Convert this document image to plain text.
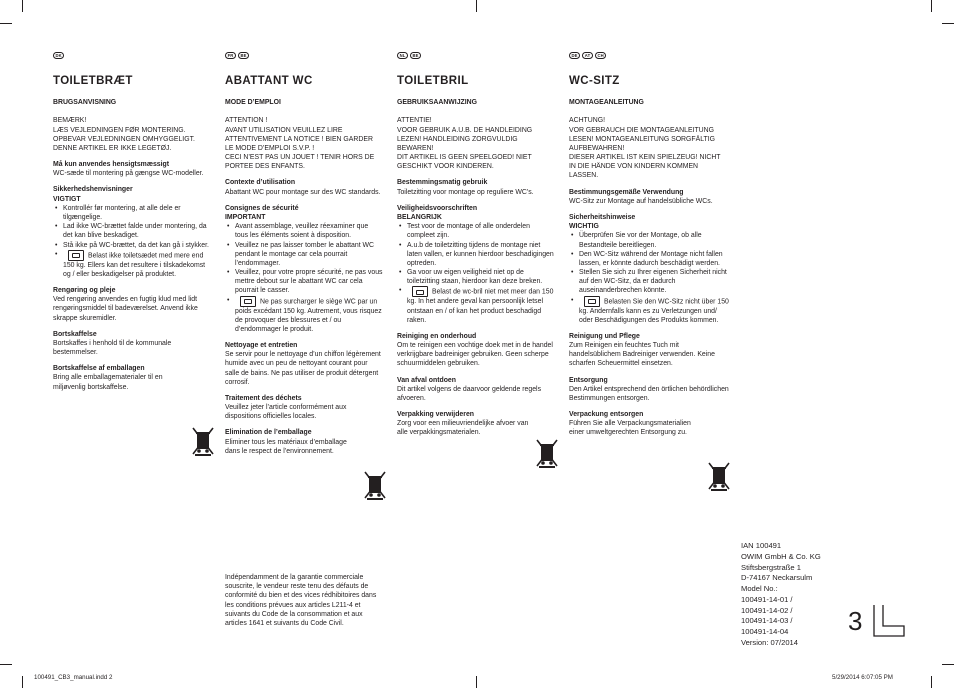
DK
TOILETBRÆT
BRUGSANVISNING

BEMÆRK!
LÆS VEJLEDNINGEN FØR MONTERING.
OPBEVAR VEJLEDNINGEN OMHYGGELIGT.
DENNE ARTIKEL ER IKKE LEGETØJ.

Må kun anvendes hensigtsmæssigt

WC-sæde til montering på gængse WC-modeller.

Sikkerhedshenvisninger

VIGTIGT

• Kontrollér før montering, at alle dele er tilgængelige.
• Lad ikke WC-brættet falde under montering, da det kan blive beskadiget.
• Stå ikke på WC-brættet, da det kan gå i stykker.
• Belast ikke toiletsædet med mere end 150 kg. Ellers kan det resultere i tilskadekomst og / eller beskadigelser på produktet.
Rengøring og pleje

Ved rengøring anvendes en fugtig klud med lidt rengøringsmiddel til badeværelset. Anvend ikke skrappe skuremidler.

Bortskaffelse

Bortskaffes i henhold til de kommunale bestemmelser.

Bortskaffelse af emballagen

Bring alle emballagematerialer til en miljøvenlig bortskaffelse.

FR	BE
ABATTANT WC
MODE D’EMPLOI

ATTENTION !
AVANT UTILISATION VEUILLEZ LIRE ATTENTIVEMENT LA NOTICE ! BIEN GARDER LE MODE D’EMPLOI S.V.P. !
CECI N’EST PAS UN JOUET ! TENIR HORS DE PORTEE DES ENFANTS.

Contexte d’utilisation

Abattant WC pour montage sur des WC standards.

Consignes de sécurité

IMPORTANT

• Avant assemblage, veuillez réexaminer que tous les éléments soient à disposition.
• Veuillez ne pas laisser tomber le abattant WC pendant le montage car cela pourrait l’endommager.
• Veuillez, pour votre propre sécurité, ne pas vous mettre debout sur le abattant WC car cela pourrait le casser.
• Ne pas surcharger le siège WC par un poids excédant 150 kg. Autrement, vous risquez de provoquer des blessures et / ou d’endommager le produit.
Nettoyage et entretien

Se servir pour le nettoyage d’un chiffon légèrement humide avec un peu de nettoyant courant pour salle de bains. Ne pas utiliser de produit détergent corrosif.

Traitement des déchets

Veuillez jeter l’article conformément aux dispositions officielles locales.

Elimination de l’emballage

Eliminer tous les matériaux d’emballage dans le respect de l’environnement.

Indépendamment de la garantie commerciale souscrite, le vendeur reste tenu des défauts de conformité du bien et des vices rédhibitoires dans les conditions prévues aux articles L211-4 et suivants du Code de la consommation et aux articles 1641 et suivants du Code Civil.

NL	BE
TOILETBRIL
GEBRUIKSAANWIJZING

ATTENTIE!
VOOR GEBRUIK A.U.B. DE HANDLEIDING LEZEN! HANDLEIDING ZORGVULDIG BEWAREN!
DIT ARTIKEL IS GEEN SPEELGOED! NIET GESCHIKT VOOR KINDEREN.

Bestemmingsmatig gebruik

Toiletzitting voor montage op reguliere WC’s.

Veiligheidsvoorschriften

BELANGRIJK

• Test voor de montage of alle onderdelen compleet zijn.
• A.u.b de toiletzitting tijdens de montage niet laten vallen, er kunnen hierdoor beschadigingen optreden.
• Ga voor uw eigen veiligheid niet op de toiletzitting staan, hierdoor kan deze breken.
• Belast de wc-bril niet met meer dan 150 kg. In het andere geval kan persoonlijk letsel ontstaan en / of kan het product beschadigd raken.
Reiniging en onderhoud

Om te reinigen een vochtige doek met in de handel verkrijgbare badreiniger gebruiken. Geen scherpe schuurmiddelen gebruiken.

Van afval ontdoen

Dit artikel volgens de daarvoor geldende regels afvoeren.

Verpakking verwijderen

Zorg voor een milieuvriendelijke afvoer van alle verpakkingsmaterialen.

DE	AT	CH
WC-SITZ
MONTAGEANLEITUNG

ACHTUNG!
VOR GEBRAUCH DIE MONTAGEANLEITUNG LESEN! MONTAGEANLEITUNG SORGFÄLTIG AUFBEWAHREN!
DIESER ARTIKEL IST KEIN SPIELZEUG! NICHT IN DIE HÄNDE VON KINDERN KOMMEN LASSEN.

Bestimmungsgemäße Verwendung

WC-Sitz zur Montage auf handelsübliche WCs.

Sicherheitshinweise

WICHTIG

• Überprüfen Sie vor der Montage, ob alle Bestandteile bereitliegen.
• Den WC-Sitz während der Montage nicht fallen lassen, er könnte dadurch beschädigt werden.
• Stellen Sie sich zu Ihrer eigenen Sicherheit nicht auf den WC-Sitz, da er dadurch auseinanderbrechen könnte.
• Belasten Sie den WC-Sitz nicht über 150 kg. Andernfalls kann es zu Verletzungen und/ oder Beschädigungen des Produkts kommen.
Reinigung und Pflege

Zum Reinigen ein feuchtes Tuch mit handelsüblichem Badreiniger verwenden. Keine scharfen Scheuermittel einsetzen.

Entsorgung

Den Artikel entsprechend den örtlichen behördlichen Bestimmungen entsorgen.

Verpackung entsorgen

Führen Sie alle Verpackungsmaterialien einer umweltgerechten Entsorgung zu.

IAN 100491
OWIM GmbH & Co. KG
Stiftsbergstraße 1
D-74167 Neckarsulm
Model No.:
100491-14-01 /
100491-14-02 /
100491-14-03 /
100491-14-04
Version: 07/2014
3
100491_CB3_manual.indd 2	5/29/2014 6:07:05 PM
